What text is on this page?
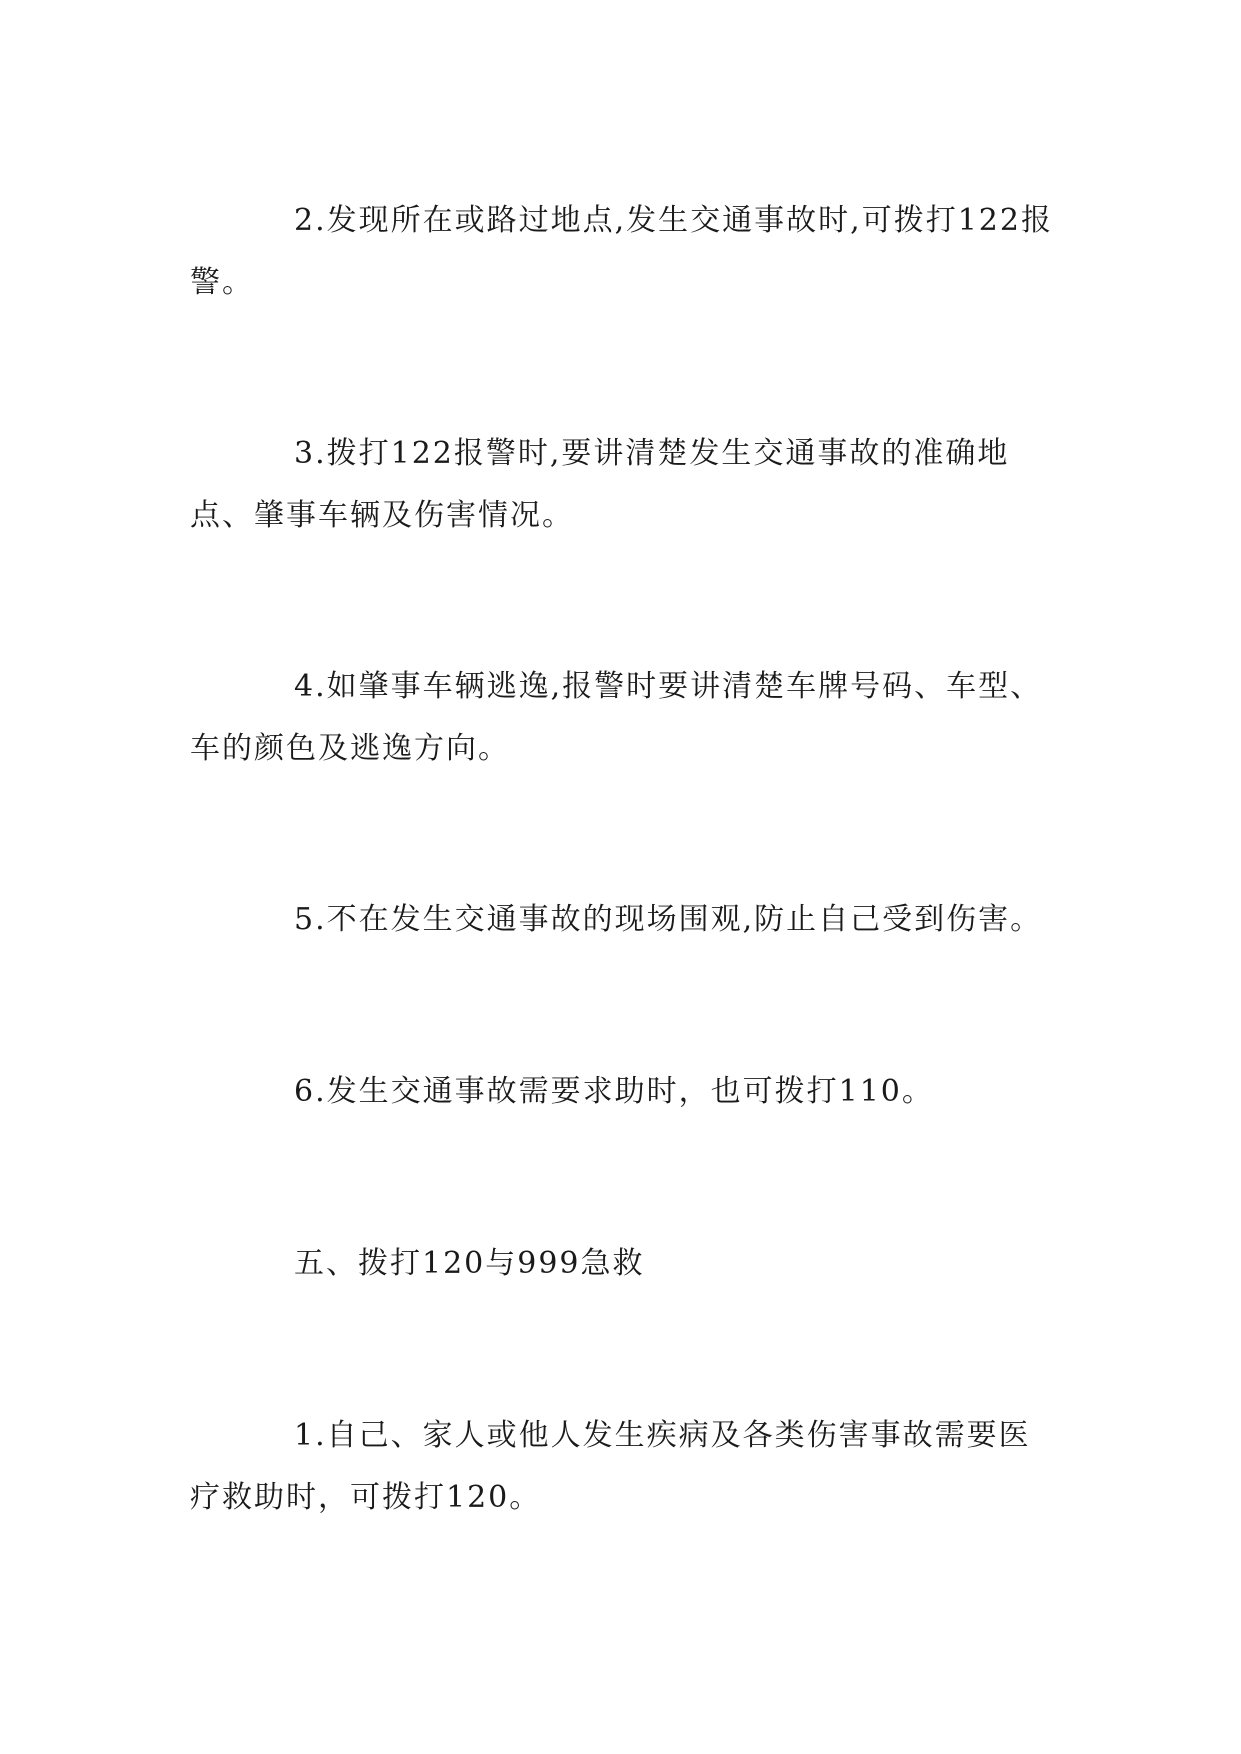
2.发现所在或路过地点,发生交通事故时,可拨打122报警。

3.拨打122报警时,要讲清楚发生交通事故的准确地点、肇事车辆及伤害情况。

4.如肇事车辆逃逸,报警时要讲清楚车牌号码、车型、车的颜色及逃逸方向。

5.不在发生交通事故的现场围观,防止自己受到伤害。

6.发生交通事故需要求助时，也可拨打110。

五、拨打120与999急救

1.自己、家人或他人发生疾病及各类伤害事故需要医疗救助时，可拨打120。
